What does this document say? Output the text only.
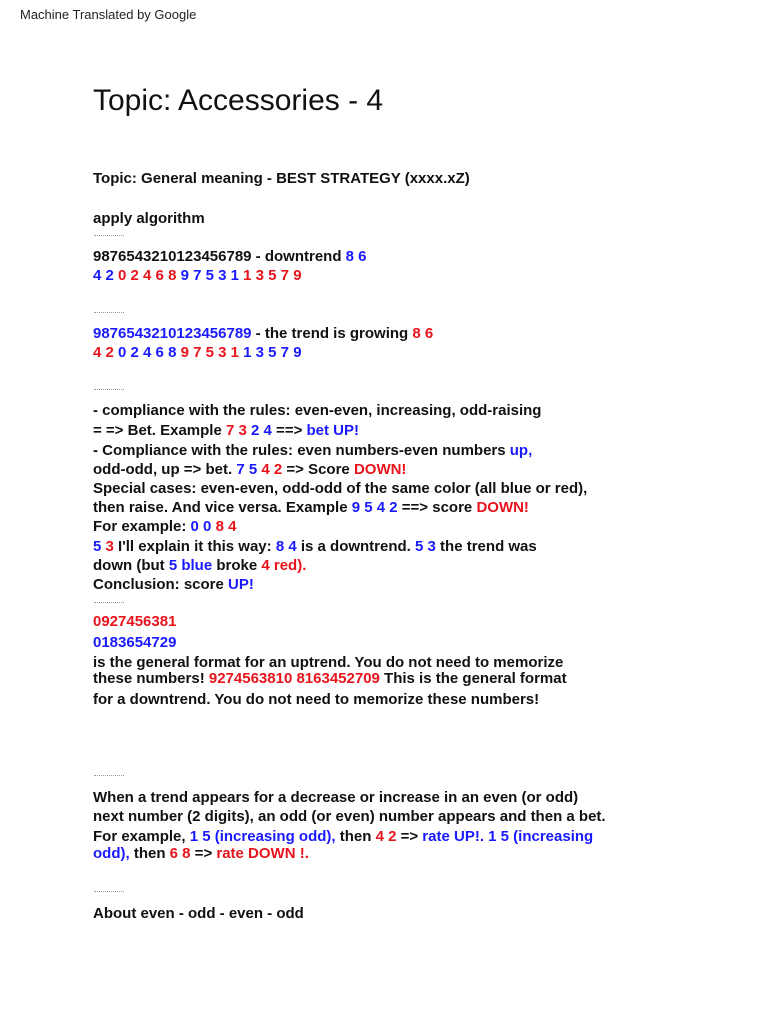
Machine Translated by Google
Topic: Accessories - 4
Topic: General meaning - BEST STRATEGY (xxxx.xZ)
apply algorithm
9876543210123456789 - downtrend 8 6
4 2 0 2 4 6 8 9 7 5 3 1 1 3 5 7 9
9876543210123456789 - the trend is growing 8 6
4 2 0 2 4 6 8 9 7 5 3 1 1 3 5 7 9
- compliance with the rules: even-even, increasing, odd-raising
= => Bet. Example 7 3 2 4 ==> bet UP!
- Compliance with the rules: even numbers-even numbers up,
odd-odd, up => bet. 7 5 4 2 => Score DOWN!
Special cases: even-even, odd-odd of the same color (all blue or red),
then raise. And vice versa. Example 9 5 4 2 ==> score DOWN!
For example: 0 0 8 4
5 3 I'll explain it this way: 8 4 is a downtrend. 5 3 the trend was
down (but 5 blue broke 4 red).
Conclusion: score UP!
0927456381
0183654729
is the general format for an uptrend. You do not need to memorize
these numbers! 9274563810 8163452709 This is the general format
for a downtrend. You do not need to memorize these numbers!
When a trend appears for a decrease or increase in an even (or odd)
next number (2 digits), an odd (or even) number appears and then a bet.
For example, 1 5 (increasing odd), then 4 2 => rate UP!. 1 5 (increasing
odd), then 6 8 => rate DOWN !.
About even - odd - even - odd
